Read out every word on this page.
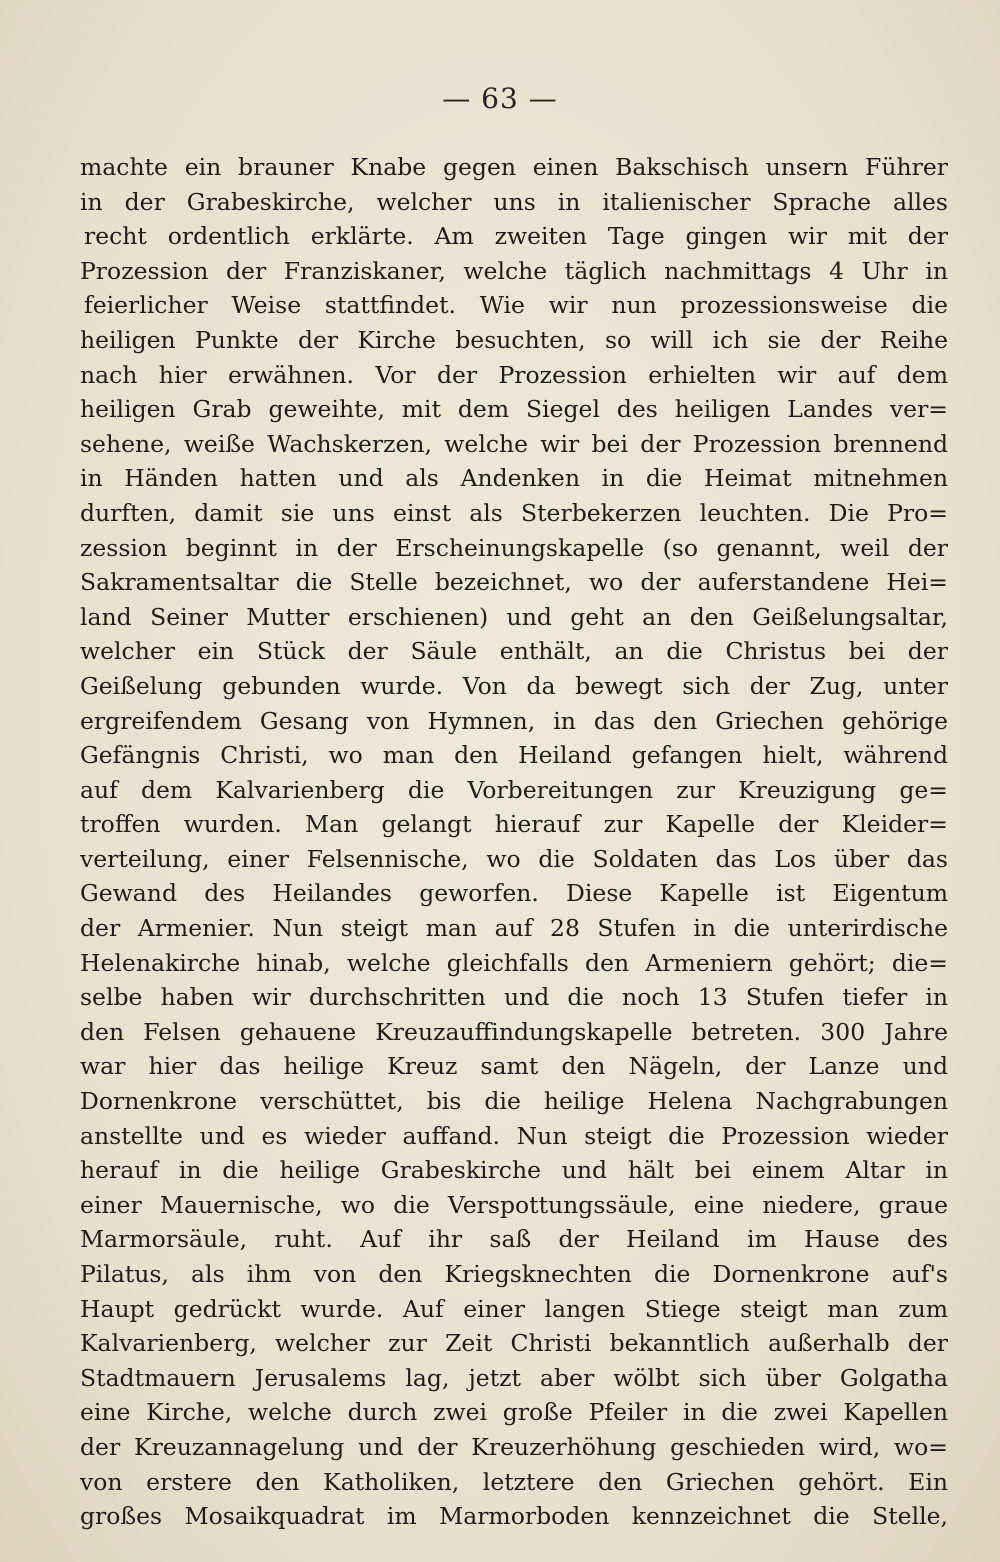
— 63 —
machte ein brauner Knabe gegen einen Bakschisch unsern Führer
in der Grabeskirche, welcher uns in italienischer Sprache alles
recht ordentlich erklärte. Am zweiten Tage gingen wir mit der
Prozession der Franziskaner, welche täglich nachmittags 4 Uhr in
feierlicher Weise stattfindet. Wie wir nun prozessionsweise die
heiligen Punkte der Kirche besuchten, so will ich sie der Reihe
nach hier erwähnen. Vor der Prozession erhielten wir auf dem
heiligen Grab geweihte, mit dem Siegel des heiligen Landes ver=
sehene, weiße Wachskerzen, welche wir bei der Prozession brennend
in Händen hatten und als Andenken in die Heimat mitnehmen
durften, damit sie uns einst als Sterbekerzen leuchten. Die Pro=
zession beginnt in der Erscheinungskapelle (so genannt, weil der
Sakramentsaltar die Stelle bezeichnet, wo der auferstandene Hei=
land Seiner Mutter erschienen) und geht an den Geißelungsaltar,
welcher ein Stück der Säule enthält, an die Christus bei der
Geißelung gebunden wurde. Von da bewegt sich der Zug, unter
ergreifendem Gesang von Hymnen, in das den Griechen gehörige
Gefängnis Christi, wo man den Heiland gefangen hielt, während
auf dem Kalvarienberg die Vorbereitungen zur Kreuzigung ge=
troffen wurden. Man gelangt hierauf zur Kapelle der Kleider=
verteilung, einer Felsennische, wo die Soldaten das Los über das
Gewand des Heilandes geworfen. Diese Kapelle ist Eigentum
der Armenier. Nun steigt man auf 28 Stufen in die unterirdische
Helenakirche hinab, welche gleichfalls den Armeniern gehört; die=
selbe haben wir durchschritten und die noch 13 Stufen tiefer in
den Felsen gehauene Kreuzauffindungskapelle betreten. 300 Jahre
war hier das heilige Kreuz samt den Nägeln, der Lanze und
Dornenkrone verschüttet, bis die heilige Helena Nachgrabungen
anstellte und es wieder auffand. Nun steigt die Prozession wieder
herauf in die heilige Grabeskirche und hält bei einem Altar in
einer Mauernische, wo die Verspottungssäule, eine niedere, graue
Marmorsäule, ruht. Auf ihr saß der Heiland im Hause des
Pilatus, als ihm von den Kriegsknechten die Dornenkrone auf's
Haupt gedrückt wurde. Auf einer langen Stiege steigt man zum
Kalvarienberg, welcher zur Zeit Christi bekanntlich außerhalb der
Stadtmauern Jerusalems lag, jetzt aber wölbt sich über Golgatha
eine Kirche, welche durch zwei große Pfeiler in die zwei Kapellen
der Kreuzannagelung und der Kreuzerhöhung geschieden wird, wo=
von erstere den Katholiken, letztere den Griechen gehört. Ein
großes Mosaikquadrat im Marmorboden kennzeichnet die Stelle,
